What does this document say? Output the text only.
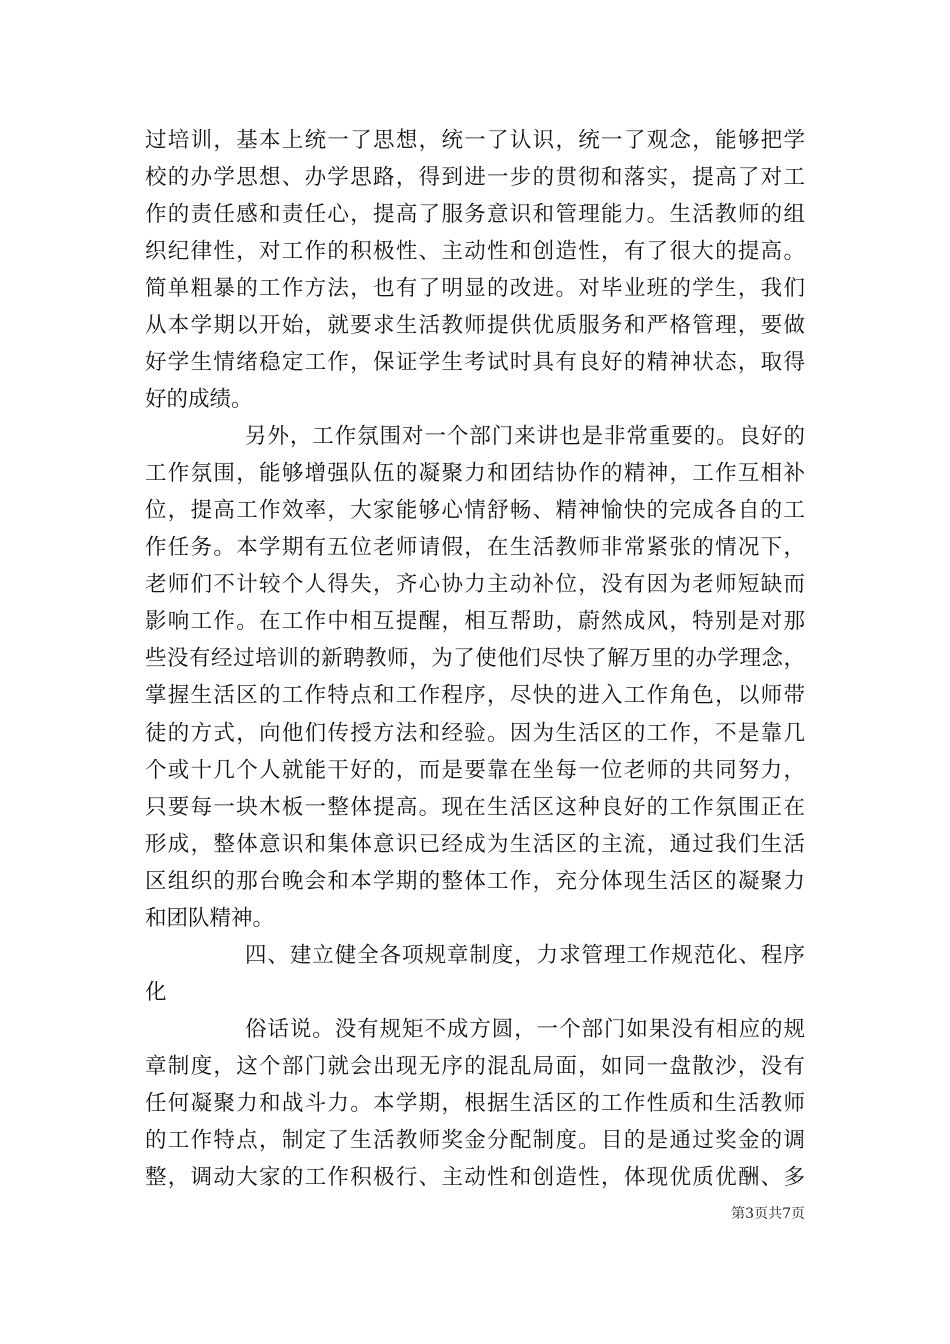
过培训，基本上统一了思想，统一了认识，统一了观念，能够把学
校的办学思想、办学思路，得到进一步的贯彻和落实，提高了对工
作的责任感和责任心，提高了服务意识和管理能力。生活教师的组
织纪律性，对工作的积极性、主动性和创造性，有了很大的提高。
简单粗暴的工作方法，也有了明显的改进。对毕业班的学生，我们
从本学期以开始，就要求生活教师提供优质服务和严格管理，要做
好学生情绪稳定工作，保证学生考试时具有良好的精神状态，取得
好的成绩。
另外，工作氛围对一个部门来讲也是非常重要的。良好的
工作氛围，能够增强队伍的凝聚力和团结协作的精神，工作互相补
位，提高工作效率，大家能够心情舒畅、精神愉快的完成各自的工
作任务。本学期有五位老师请假，在生活教师非常紧张的情况下，
老师们不计较个人得失，齐心协力主动补位，没有因为老师短缺而
影响工作。在工作中相互提醒，相互帮助，蔚然成风，特别是对那
些没有经过培训的新聘教师，为了使他们尽快了解万里的办学理念，
掌握生活区的工作特点和工作程序，尽快的进入工作角色，以师带
徒的方式，向他们传授方法和经验。因为生活区的工作，不是靠几
个或十几个人就能干好的，而是要靠在坐每一位老师的共同努力，
只要每一块木板一整体提高。现在生活区这种良好的工作氛围正在
形成，整体意识和集体意识已经成为生活区的主流，通过我们生活
区组织的那台晚会和本学期的整体工作，充分体现生活区的凝聚力
和团队精神。
四、建立健全各项规章制度，力求管理工作规范化、程序
化
俗话说。没有规矩不成方圆，一个部门如果没有相应的规
章制度，这个部门就会出现无序的混乱局面，如同一盘散沙，没有
任何凝聚力和战斗力。本学期，根据生活区的工作性质和生活教师
的工作特点，制定了生活教师奖金分配制度。目的是通过奖金的调
整，调动大家的工作积极行、主动性和创造性，体现优质优酬、多
第3页共7页
